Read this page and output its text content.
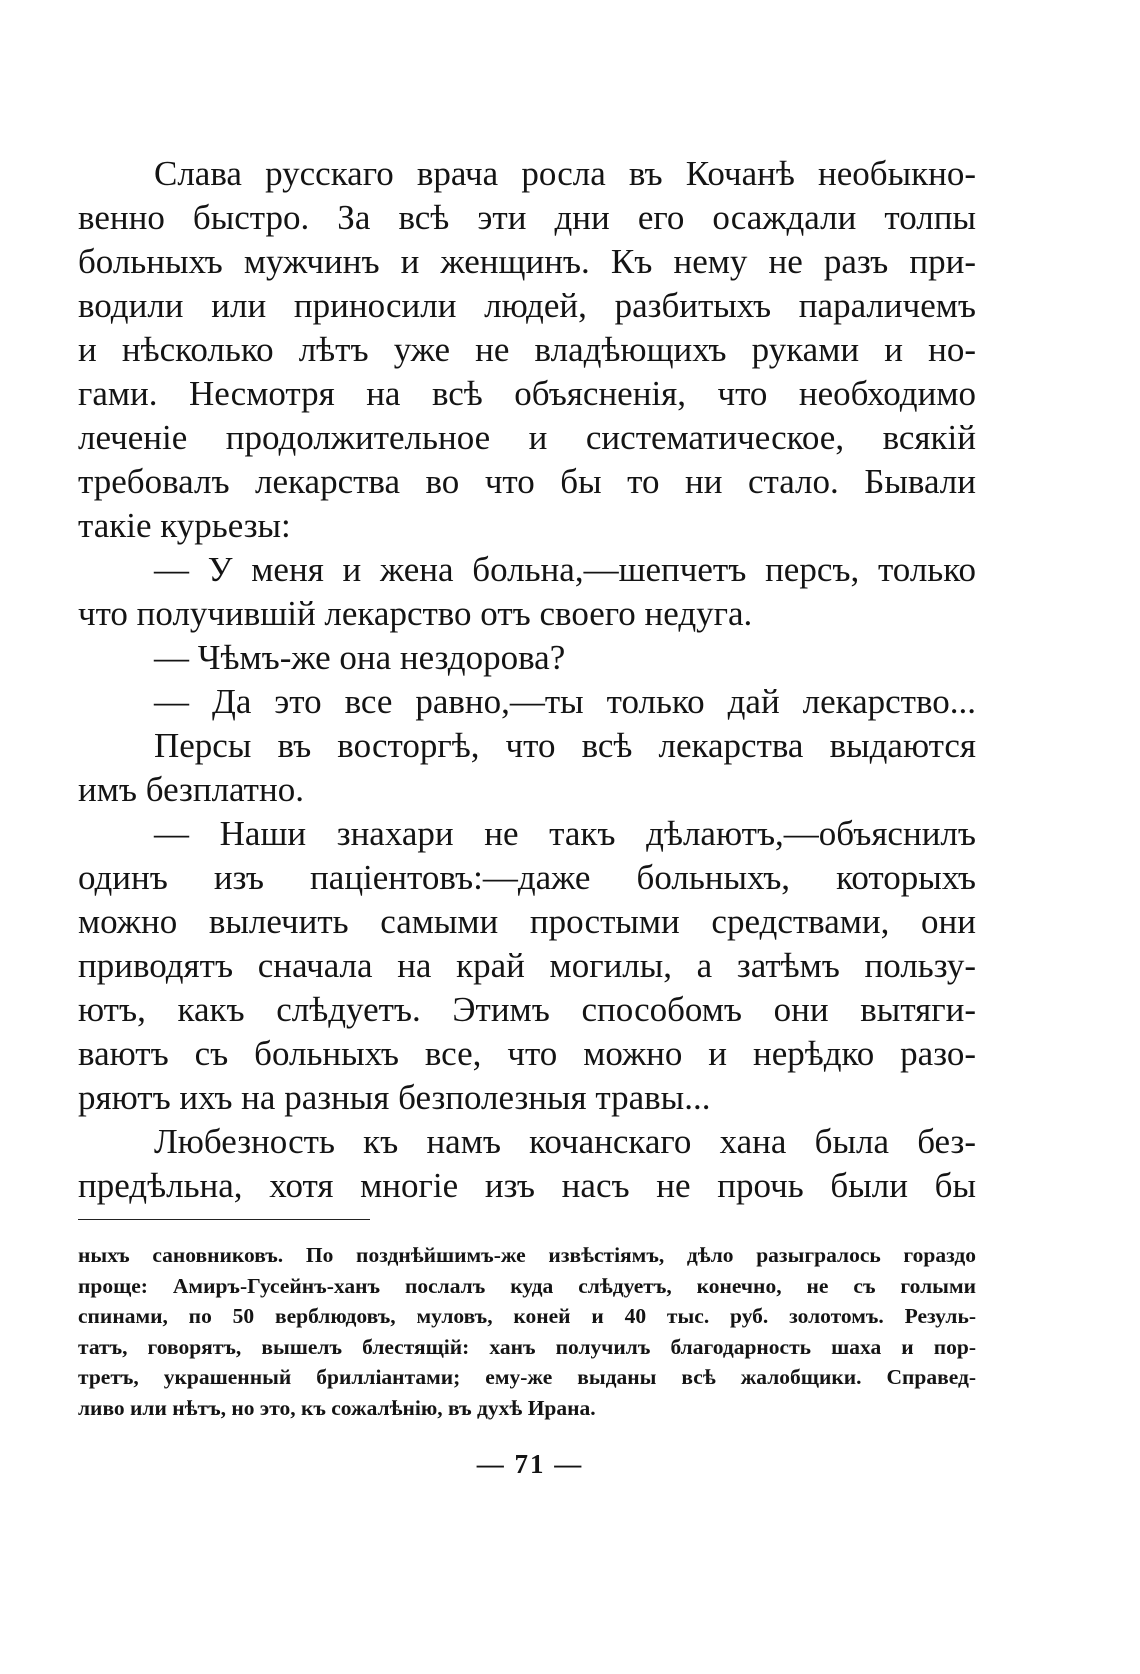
Слава русскаго врача росла въ Кочанѣ необыкно-
венно быстро. За всѣ эти дни его осаждали толпы
больныхъ мужчинъ и женщинъ. Къ нему не разъ при-
водили или приносили людей, разбитыхъ параличемъ
и нѣсколько лѣтъ уже не владѣющихъ руками и но-
гами. Несмотря на всѣ объясненія, что необходимо
леченіе продолжительное и систематическое, всякій
требовалъ лекарства во что бы то ни стало. Бывали
такіе курьезы:
— У меня и жена больна,—шепчетъ персъ, только
что получившій лекарство отъ своего недуга.
— Чѣмъ-же она нездорова?
— Да это все равно,—ты только дай лекарство...
Персы въ восторгѣ, что всѣ лекарства выдаются
имъ безплатно.
— Наши знахари не такъ дѣлаютъ,—объяснилъ
одинъ изъ паціентовъ:—даже больныхъ, которыхъ
можно вылечить самыми простыми средствами, они
приводятъ сначала на край могилы, а затѣмъ пользу-
ютъ, какъ слѣдуетъ. Этимъ способомъ они вытяги-
ваютъ съ больныхъ все, что можно и нерѣдко разо-
ряютъ ихъ на разныя безполезныя травы...
Любезность къ намъ кочанскаго хана была без-
предѣльна, хотя многіе изъ насъ не прочь были бы
ныхъ сановниковъ. По позднѣйшимъ-же извѣстіямъ, дѣло разыгралось гораздо
проще: Амиръ-Гусейнъ-ханъ послалъ куда слѣдуетъ, конечно, не съ голыми
спинами, по 50 верблюдовъ, муловъ, коней и 40 тыс. руб. золотомъ. Резуль-
татъ, говорятъ, вышелъ блестящій: ханъ получилъ благодарность шаха и пор-
третъ, украшенный бриллiантами; ему-же выданы всѣ жалобщики. Справед-
ливо или нѣтъ, но это, къ сожалѣнію, въ духѣ Ирана.
— 71 —
